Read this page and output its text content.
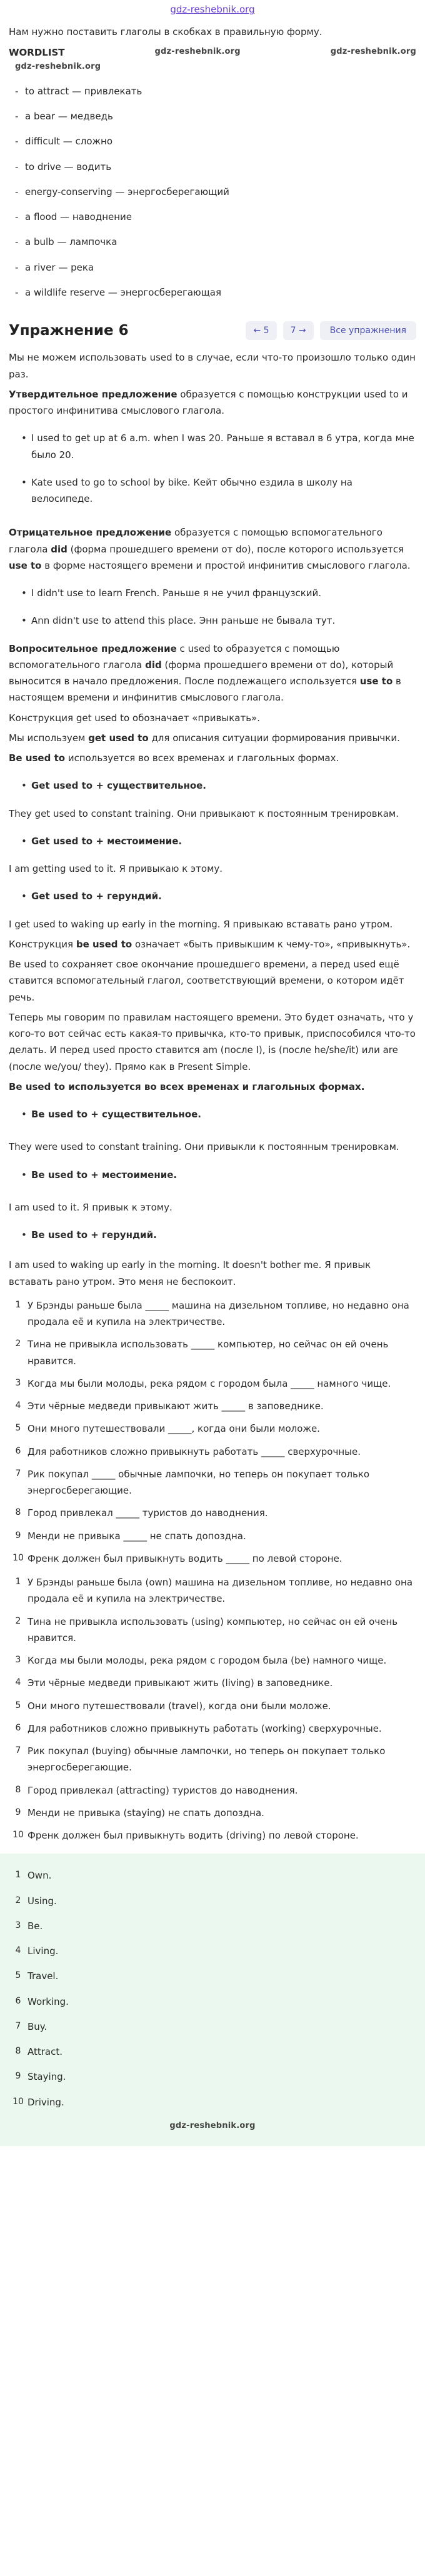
gdz-reshebnik.org

Нам нужно поставить глаголы в скобках в правильную форму.

WORDLIST	gdz-reshebnik.org	gdz-reshebnik.org
gdz-reshebnik.org
- to attract — привлекать
- a bear — медведь
- difficult — сложно
- to drive — водить
- energy-conserving — энергосберегающий
- a flood — наводнение
- a bulb — лампочка
- a river — река
- a wildlife reserve — энергосберегающая
Упражнение 6	← 5	7 →	Все упражнения

Мы не можем использовать used to в случае, если что-то произошло только один раз.

Утвердительное предложение образуется с помощью конструкции used to и простого инфинитива смыслового глагола.

• I used to get up at 6 a.m. when I was 20. Раньше я вставал в 6 утра, когда мне было 20.
• Kate used to go to school by bike. Кейт обычно ездила в школу на велосипеде.

Отрицательное предложение образуется с помощью вспомогательного глагола did (форма прошедшего времени от do), после которого используется use to в форме настоящего времени и простой инфинитив смыслового глагола.

• I didn't use to learn French. Раньше я не учил французский.
• Ann didn't use to attend this place. Энн раньше не бывала тут.

Вопросительное предложение с used to образуется с помощью вспомогательного глагола did (форма прошедшего времени от do), который выносится в начало предложения. После подлежащего используется use to в настоящем времени и инфинитив смыслового глагола.

Конструкция get used to обозначает «привыкать».

Мы используем get used to для описания ситуации формирования привычки.

Be used to используется во всех временах и глагольных формах.

• Get used to + существительное.

They get used to constant training. Они привыкают к постоянным тренировкам.

• Get used to + местоимение.

I am getting used to it. Я привыкаю к этому.

• Get used to + герундий.

I get used to waking up early in the morning. Я привыкаю вставать рано утром.

Конструкция be used to означает «быть привыкшим к чему-то», «привыкнуть».

Be used to сохраняет свое окончание прошедшего времени, а перед used ещё ставится вспомогательный глагол, соответствующий времени, о котором идёт речь.

Теперь мы говорим по правилам настоящего времени. Это будет означать, что у кого-то вот сейчас есть какая-то привычка, кто-то привык, приспособился что-то делать. И перед used просто ставится am (после I), is (после he/she/it) или are (после we/you/ they). Прямо как в Present Simple.

Be used to используется во всех временах и глагольных формах.

• Be used to + существительное.

They were used to constant training. Они привыкли к постоянным тренировкам.

• Be used to + местоимение.

I am used to it. Я привык к этому.

• Be used to + герундий.

I am used to waking up early in the morning. It doesn't bother me. Я привык вставать рано утром. Это меня не беспокоит.

1 У Брэнды раньше была _____ машина на дизельном топливе, но недавно она продала её и купила на электричестве.
2 Тина не привыкла использовать _____ компьютер, но сейчас он ей очень нравится.
3 Когда мы были молоды, река рядом с городом была _____ намного чище.
4 Эти чёрные медведи привыкают жить _____ в заповеднике.
5 Они много путешествовали _____, когда они были моложе.
6 Для работников сложно привыкнуть работать _____ сверхурочные.
7 Рик покупал _____ обычные лампочки, но теперь он покупает только энергосберегающие.
8 Город привлекал _____ туристов до наводнения.
9 Менди не привыка _____ не спать допоздна.
10 Френк должен был привыкнуть водить _____ по левой стороне.
1 У Брэнды раньше была (own) машина на дизельном топливе, но недавно она продала её и купила на электричестве.
2 Тина не привыкла использовать (using) компьютер, но сейчас он ей очень нравится.
3 Когда мы были молоды, река рядом с городом была (be) намного чище.
4 Эти чёрные медведи привыкают жить (living) в заповеднике.
5 Они много путешествовали (travel), когда они были моложе.
6 Для работников сложно привыкнуть работать (working) сверхурочные.
7 Рик покупал (buying) обычные лампочки, но теперь он покупает только энергосберегающие.
8 Город привлекал (attracting) туристов до наводнения.
9 Менди не привыка (staying) не спать допоздна.
10 Френк должен был привыкнуть водить (driving) по левой стороне.
1 Own.
2 Using.
3 Be.
4 Living.
5 Travel.
6 Working.
7 Buy.
8 Attract.
9 Staying.
10 Driving.
gdz-reshebnik.org
